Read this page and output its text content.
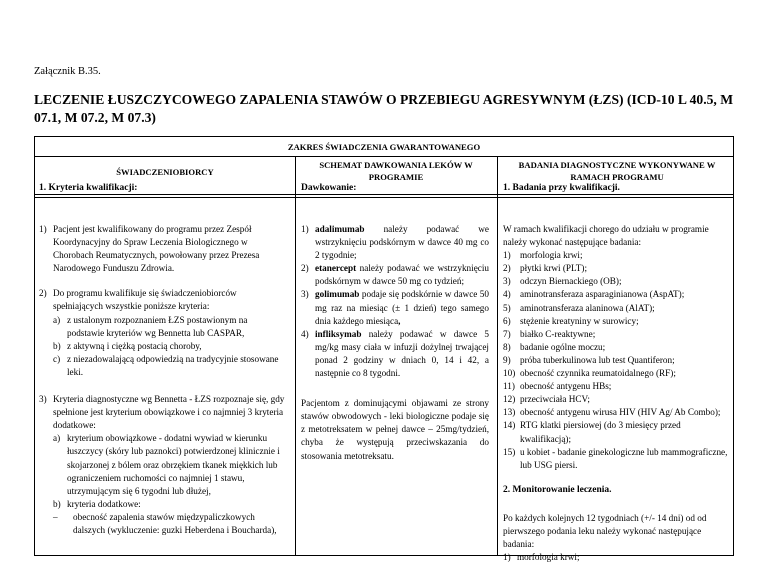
Załącznik B.35.
LECZENIE ŁUSZCZYCOWEGO ZAPALENIA STAWÓW O PRZEBIEGU AGRESYWNYM (ŁZS) (ICD-10 L 40.5, M 07.1, M 07.2, M 07.3)
ZAKRES ŚWIADCZENIA GWARANTOWANEGO
ŚWIADCZENIOBIORCY
SCHEMAT DAWKOWANIA LEKÓW W PROGRAMIE
BADANIA DIAGNOSTYCZNE WYKONYWANE W RAMACH PROGRAMU
1. Kryteria kwalifikacji:	Dawkowanie:	1. Badania przy kwalifikacji.
1) Pacjent jest kwalifikowany do programu przez Zespół Koordynacyjny do Spraw Leczenia Biologicznego w Chorobach Reumatycznych, powołowany przez Prezesa Narodowego Funduszu Zdrowia.
2) Do programu kwalifikuje się świadczeniobiorców spełniających wszystkie poniższe kryteria:
a) z ustalonym rozpoznaniem ŁZS postawionym na podstawie kryteriów wg Bennetta lub CASPAR,
b) z aktywną i ciężką postacią choroby,
c) z niezadowalającą odpowiedzią na tradycyjnie stosowane leki.
3) Kryteria diagnostyczne wg Bennetta - ŁZS rozpoznaje się, gdy spełnione jest kryterium obowiązkowe i co najmniej 3 kryteria dodatkowe:
a) kryterium obowiązkowe - dodatni wywiad w kierunku łuszczycy (skóry lub paznokci) potwierdzonej klinicznie i skojarzonej z bólem oraz obrzękiem tkanek miękkich lub ograniczeniem ruchomości co najmniej 1 stawu, utrzymującym się 6 tygodni lub dłużej,
b) kryteria dodatkowe:
– obecność zapalenia stawów międzypaliczkowych dalszych (wykluczenie: guzki Heberdena i Boucharda),
1) adalimumab należy podawać we wstrzyknięciu podskórnym w dawce 40 mg co 2 tygodnie;
2) etanercept należy podawać we wstrzyknięciu podskórnym w dawce 50 mg co tydzień;
3) golimumab podaje się podskórnie w dawce 50 mg raz na miesiąc (± 1 dzień) tego samego dnia każdego miesiąca,
4) infliksymab należy podawać w dawce 5 mg/kg masy ciała w infuzji dożylnej trwającej ponad 2 godziny w dniach 0, 14 i 42, a następnie co 8 tygodni.
Pacjentom z dominującymi objawami ze strony stawów obwodowych - leki biologiczne podaje się z metotreksatem w pełnej dawce – 25mg/tydzień, chyba że występują przeciwskazania do stosowania metotreksatu.
W ramach kwalifikacji chorego do udziału w programie należy wykonać następujące badania:
1) morfologia krwi;
2) płytki krwi (PLT);
3) odczyn Biernackiego (OB);
4) aminotransferaza asparaginianowa (AspAT);
5) aminotransferaza alaninowa (AlAT);
6) stężenie kreatyniny w surowicy;
7) białko C-reaktywne;
8) badanie ogólne moczu;
9) próba tuberkulinowa lub test Quantiferon;
10) obecność czynnika reumatoidalnego (RF);
11) obecność antygenu HBs;
12) przeciwciała HCV;
13) obecność antygenu wirusa HIV (HIV Ag/ Ab Combo);
14) RTG klatki piersiowej (do 3 miesięcy przed kwalifikacją);
15) u kobiet - badanie ginekologiczne lub mammograficzne, lub USG piersi.
2. Monitorowanie leczenia.
Po każdych kolejnych 12 tygodniach (+/- 14 dni) od od pierwszego podania leku należy wykonać następujące badania:
1) morfologia krwi;
